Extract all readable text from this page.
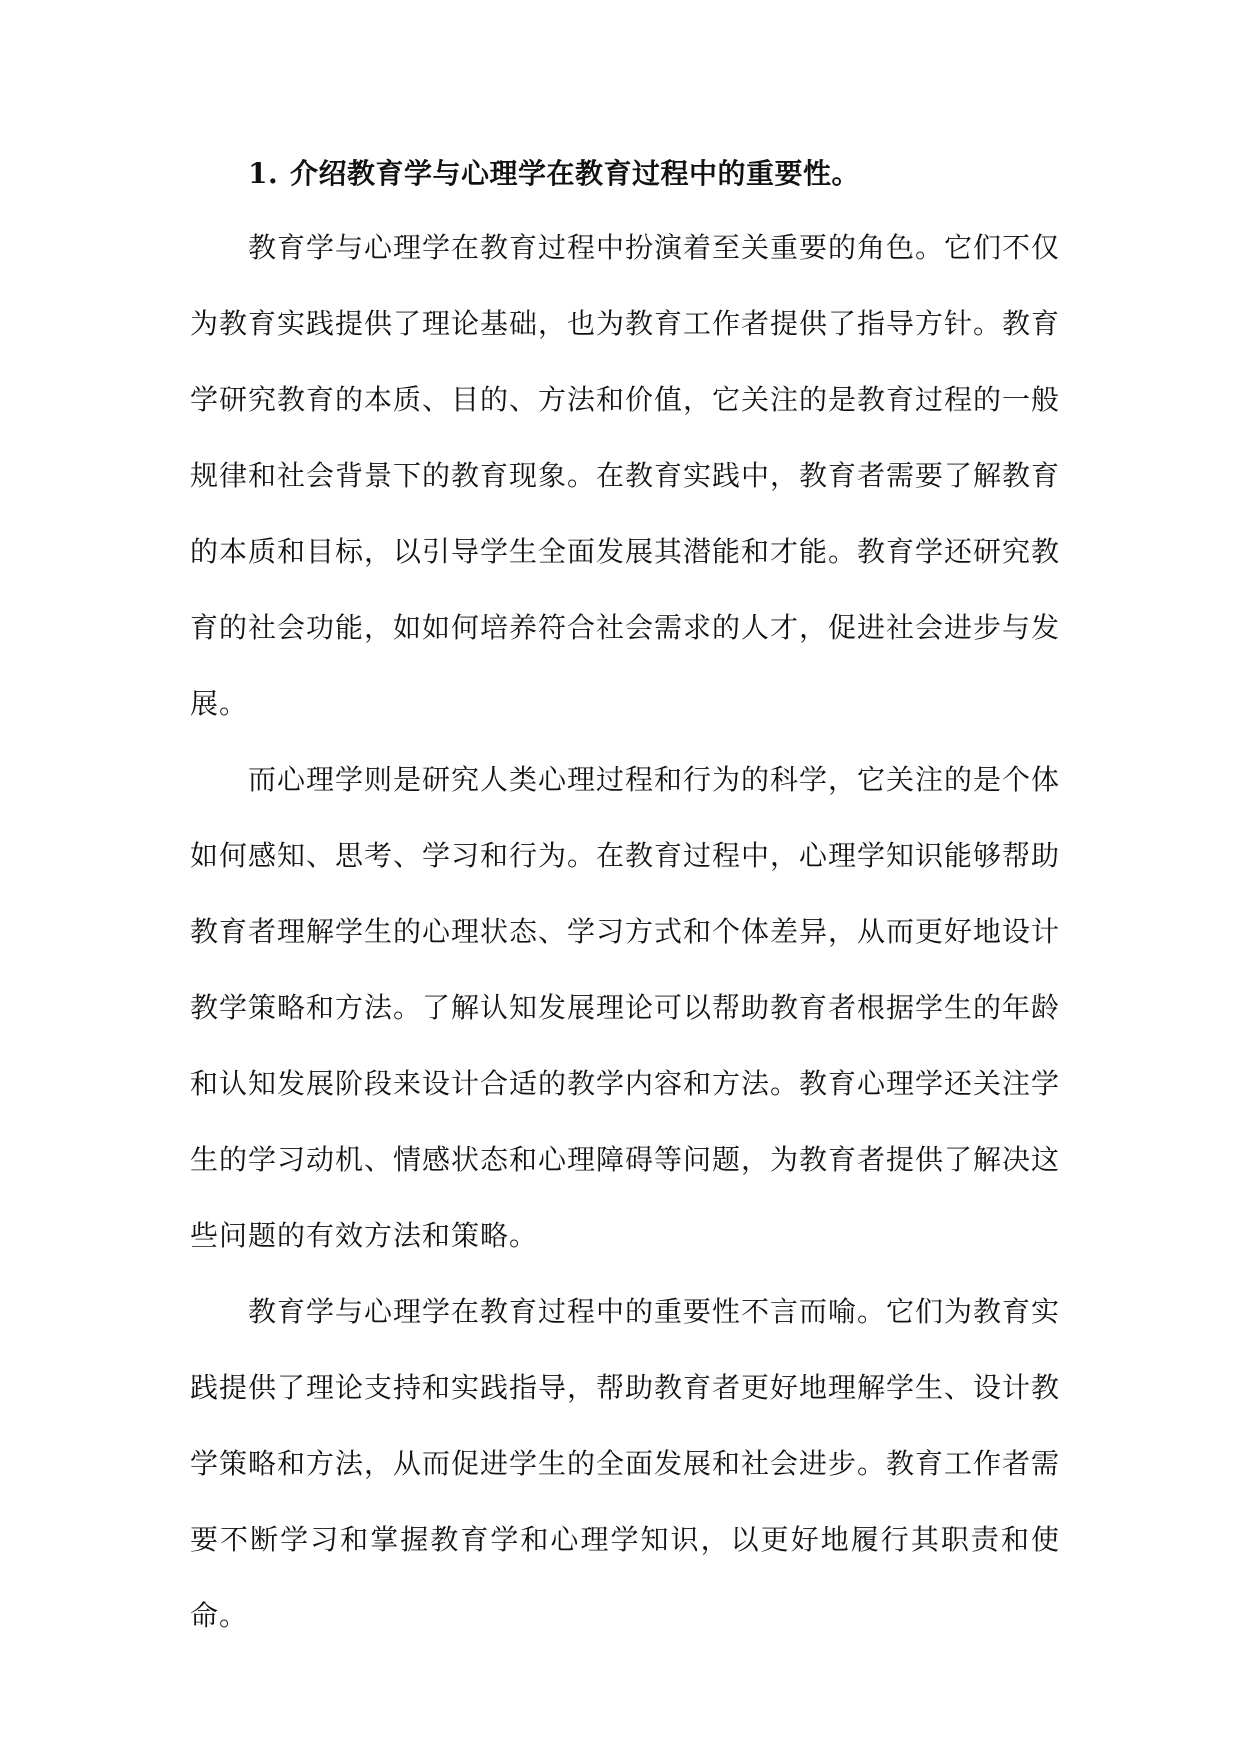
1. 介绍教育学与心理学在教育过程中的重要性。

教育学与心理学在教育过程中扮演着至关重要的角色。它们不仅为教育实践提供了理论基础，也为教育工作者提供了指导方针。教育学研究教育的本质、目的、方法和价值，它关注的是教育过程的一般规律和社会背景下的教育现象。在教育实践中，教育者需要了解教育的本质和目标，以引导学生全面发展其潜能和才能。教育学还研究教育的社会功能，如如何培养符合社会需求的人才，促进社会进步与发展。

而心理学则是研究人类心理过程和行为的科学，它关注的是个体如何感知、思考、学习和行为。在教育过程中，心理学知识能够帮助教育者理解学生的心理状态、学习方式和个体差异，从而更好地设计教学策略和方法。了解认知发展理论可以帮助教育者根据学生的年龄和认知发展阶段来设计合适的教学内容和方法。教育心理学还关注学生的学习动机、情感状态和心理障碍等问题，为教育者提供了解决这些问题的有效方法和策略。

教育学与心理学在教育过程中的重要性不言而喻。它们为教育实践提供了理论支持和实践指导，帮助教育者更好地理解学生、设计教学策略和方法，从而促进学生的全面发展和社会进步。教育工作者需要不断学习和掌握教育学和心理学知识，以更好地履行其职责和使命。
